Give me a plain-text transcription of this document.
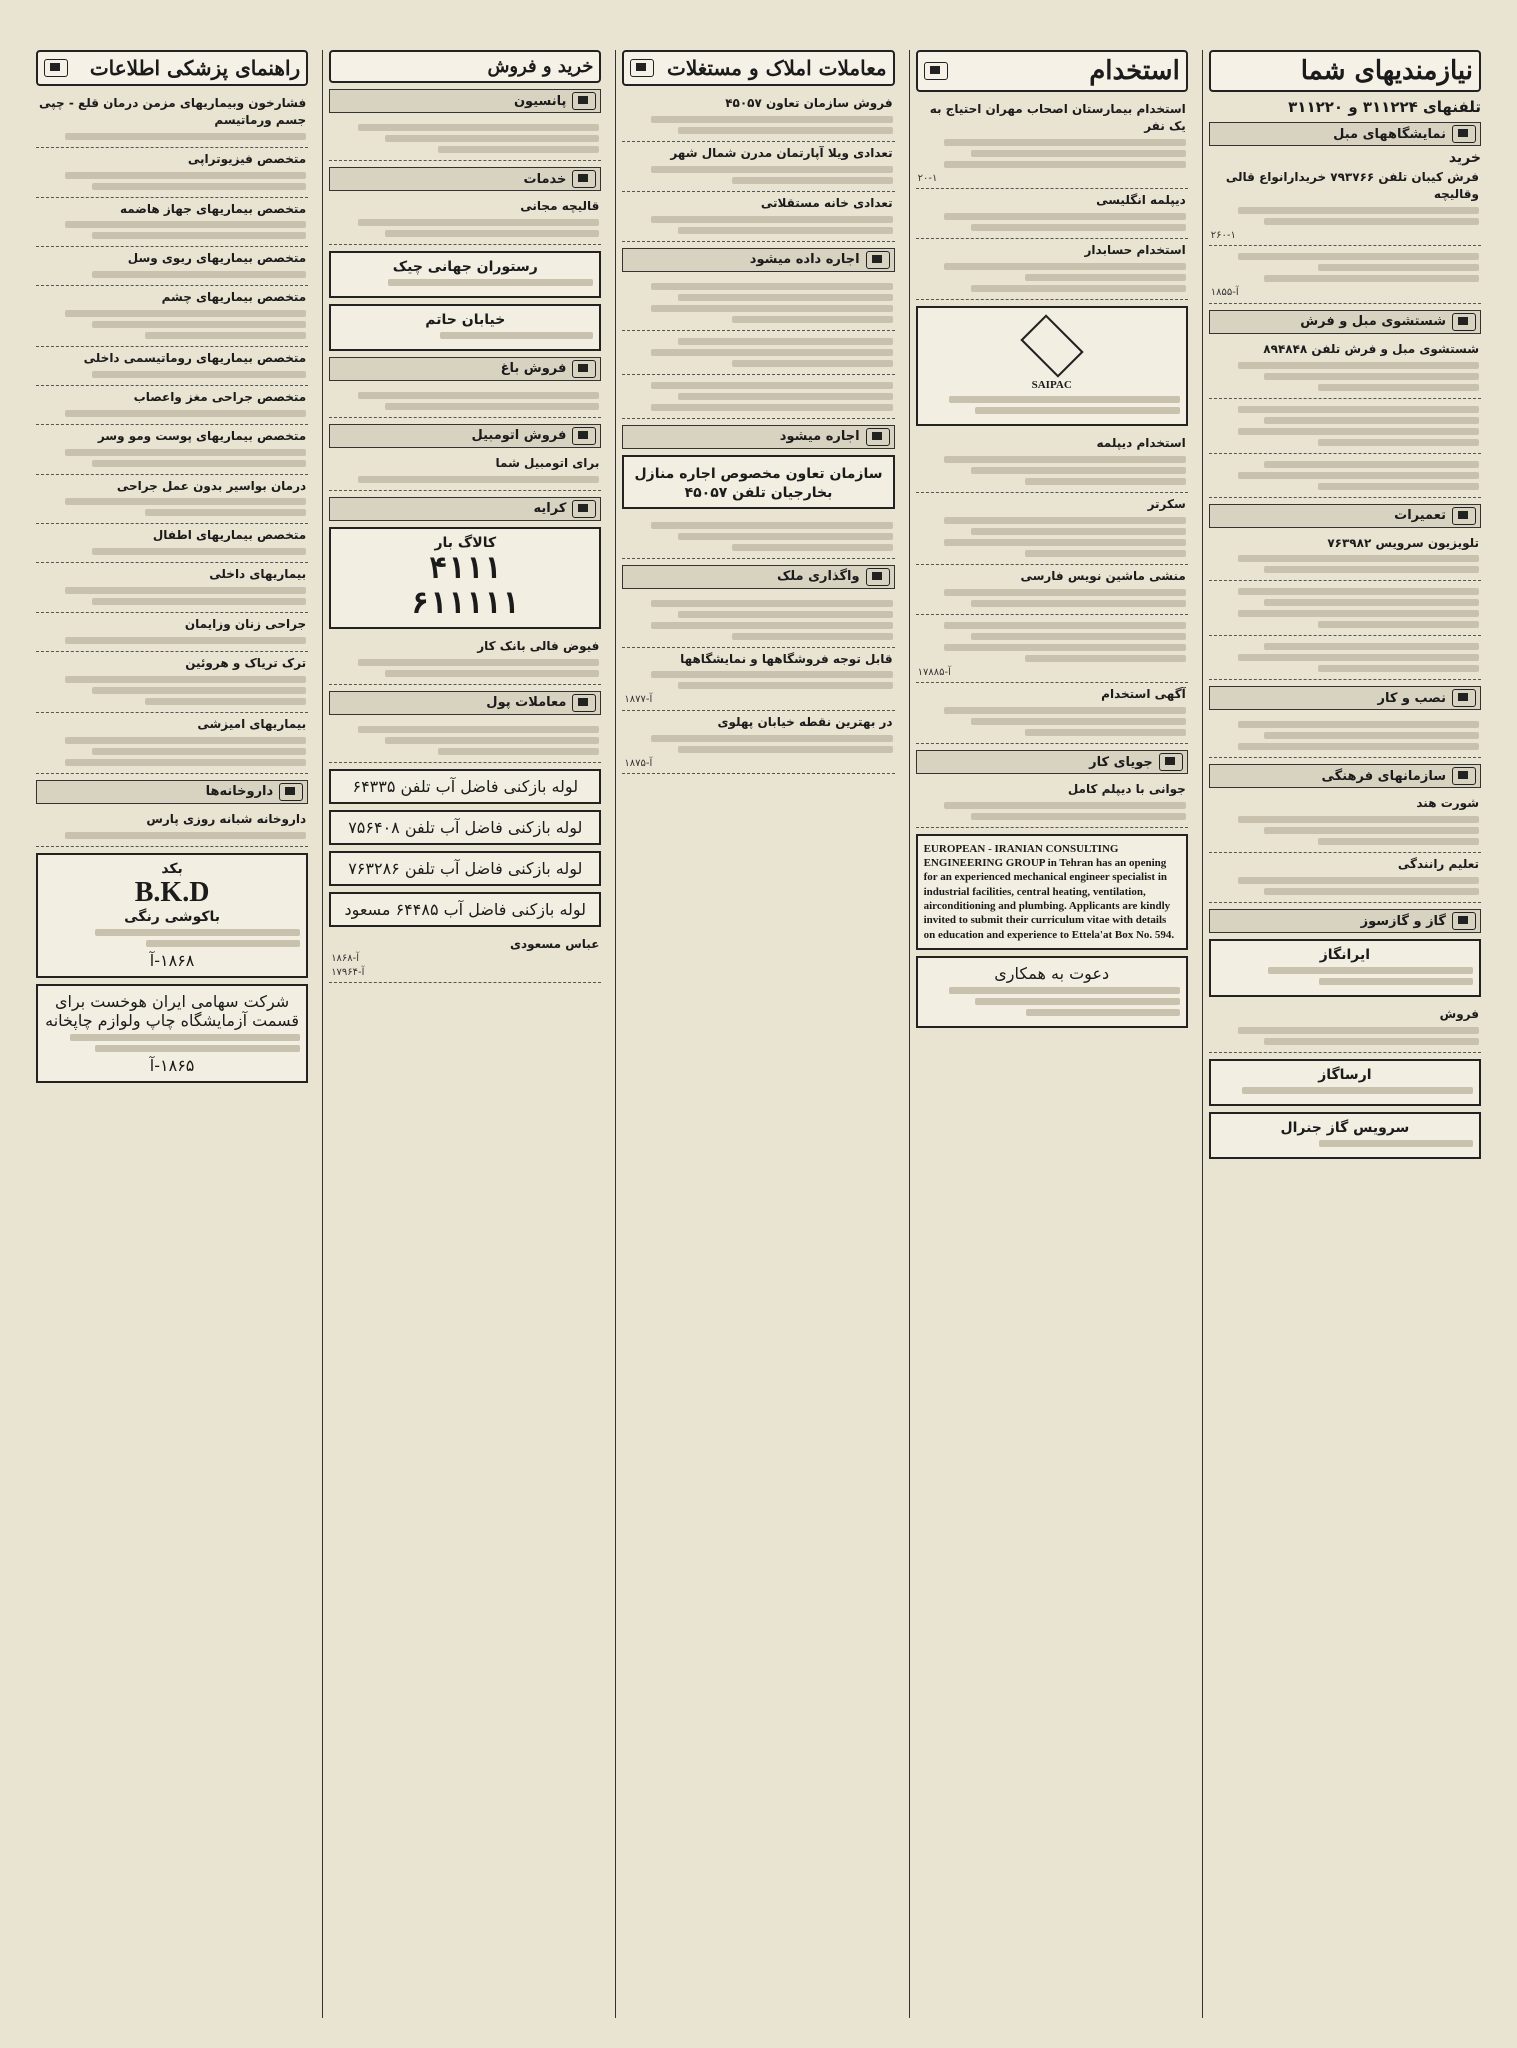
نیازمندیهای شما
تلفنهای ۳۱۱۲۲۴ و ۳۱۱۲۲۰
نمایشگاههای مبل
خرید
فرش کیبان تلفن ۷۹۳۷۶۶ خریدارانواع قالی وقالیچه
۲۶۰-۱
۱۸۵۵-آ
شستشوی مبل و فرش
شستشوی مبل و فرش تلفن ۸۹۴۸۴۸
تعمیرات
تلویزیون سرویس ۷۶۳۹۸۲
نصب و کار
سازمانهای فرهنگی
شورت هند
تعلیم رانندگی
گاز و گازسوز
ایرانگاز
فروش
ارساگاز
سرویس گاز جنرال
استخدام
استخدام بیمارستان اصحاب مهران احتیاج به یک نفر
۲۰-۱
دیپلمه انگلیسی
استخدام حسابدار
SAIPAC
استخدام دیپلمه
سکرتر
منشی ماشین نویس فارسی
۱۷۸۸۵-آ
آگهی استخدام
جویای کار
جوانی با دیپلم کامل
EUROPEAN - IRANIAN CONSULTING ENGINEERING GROUP in Tehran has an opening for an experienced mechanical engineer specialist in industrial facilities, central heating, ventilation, airconditioning and plumbing. Applicants are kindly invited to submit their curriculum vitae with details on education and experience to Ettela'at Box No. 594.
دعوت به همکاری
معاملات املاک و مستغلات
فروش سازمان تعاون ۴۵۰۵۷
تعدادی ویلا آپارتمان مدرن شمال شهر
تعدادی خانه مستقلاتی
اجاره داده میشود
اجاره میشود
سازمان تعاون مخصوص اجاره منازل بخارجیان تلفن ۴۵۰۵۷
واگذاری ملک
قابل توجه فروشگاهها و نمایشگاهها
۱۸۷۷-آ
در بهترین نقطه خیابان پهلوی
۱۸۷۵-آ
خرید و فروش
پانسیون
خدمات
قالیچه مجانی
رستوران جهانی چیک
خیابان حاتم
فروش باغ
فروش اتومبیل
برای اتومبیل شما
کرایه
کالاگ بار
۴۱۱۱
۶۱۱۱۱۱
فیوض فالی بانک کار
معاملات پول
لوله بازکنی فاضل آب تلفن ۶۴۳۳۵
لوله بازکنی فاضل آب تلفن ۷۵۶۴۰۸
لوله بازکنی فاضل آب تلفن ۷۶۳۲۸۶
لوله بازکنی فاضل آب ۶۴۴۸۵ مسعود
عباس مسعودی
۱۸۶۸-آ
۱۷۹۶۴-آ
راهنمای پزشکی اطلاعات
فشارخون وبیماریهای مزمن درمان قلع - چپی جسم ورماتیسم
متخصص فیزیوتراپی
متخصص بیماریهای جهاز هاضمه
متخصص بیماریهای ریوی وسل
متخصص بیماریهای چشم
متخصص بیماریهای روماتیسمی داخلی
متخصص جراحی مغز واعصاب
متخصص بیماریهای پوست ومو وسر
درمان بواسیر بدون عمل جراحی
متخصص بیماریهای اطفال
بیماریهای داخلی
جراحی زنان وزایمان
ترک تریاک و هروئین
بیماریهای امیزشی
داروخانه‌ها
داروخانه شبانه روزی پارس
بکد
B.K.D
باکوشی رنگی
۱۸۶۸-آ
شرکت سهامی ایران هوخست برای قسمت آزمایشگاه چاپ ولوازم چاپخانه
۱۸۶۵-آ
